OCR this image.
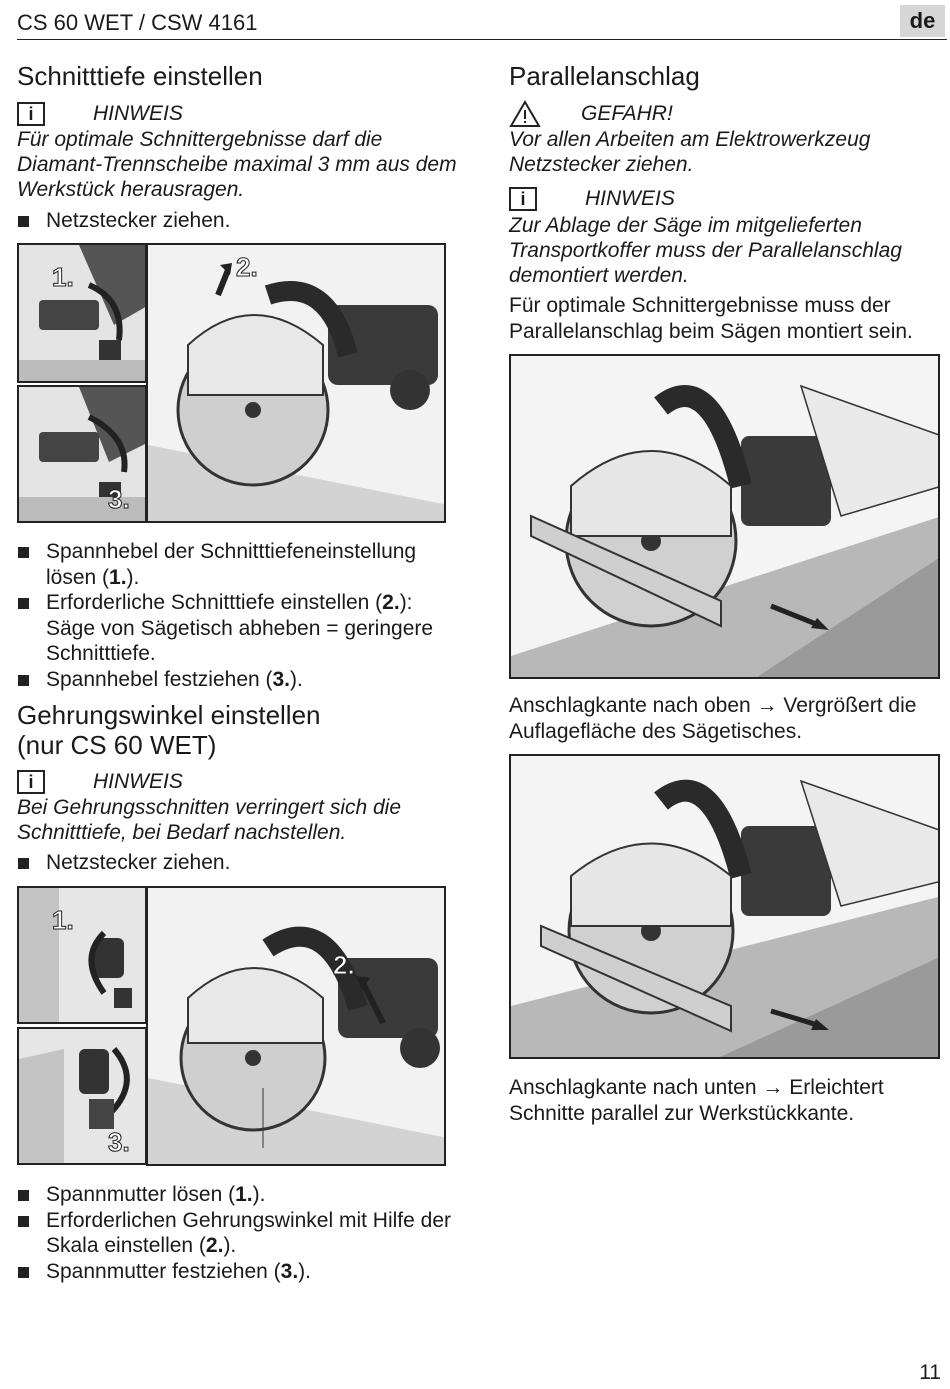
CS 60 WET / CSW 4161	de
Schnitttiefe einstellen
i	HINWEIS
Für optimale Schnittergebnisse darf die Diamant-Trennscheibe maximal 3 mm aus dem Werkstück herausragen.
Netzstecker ziehen.
1.
3.
2.
Spannhebel der Schnitttiefeneinstellung lösen (1.).
Erforderliche Schnitttiefe einstellen (2.): Säge von Sägetisch abheben = geringere Schnitttiefe.
Spannhebel festziehen (3.).
Gehrungswinkel einstellen
(nur CS 60 WET)
i	HINWEIS
Bei Gehrungsschnitten verringert sich die Schnitttiefe, bei Bedarf nachstellen.
Netzstecker ziehen.
1.
3.
2.
Spannmutter lösen (1.).
Erforderlichen Gehrungswinkel mit Hilfe der Skala einstellen (2.).
Spannmutter festziehen (3.).
Parallelanschlag
GEFAHR!
Vor allen Arbeiten am Elektrowerkzeug Netzstecker ziehen.
i	HINWEIS
Zur Ablage der Säge im mitgelieferten Transportkoffer muss der Parallelanschlag demontiert werden.
Für optimale Schnittergebnisse muss der Parallelanschlag beim Sägen montiert sein.
Anschlagkante nach oben → Vergrößert die Auflagefläche des Sägetisches.
Anschlagkante nach unten → Erleichtert Schnitte parallel zur Werkstückkante.
11
